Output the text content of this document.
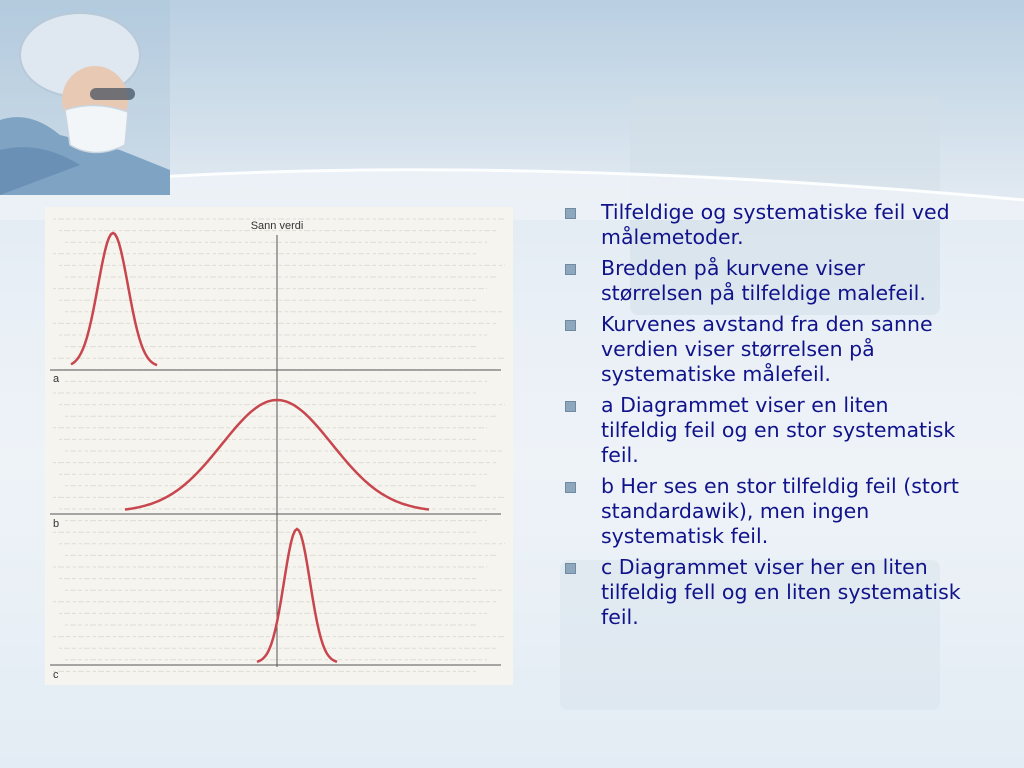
Sann verdi
a
b
c
Tilfeldige og systematiske feil ved målemetoder.
Bredden på kurvene viser størrelsen på tilfeldige malefeil.
Kurvenes avstand fra den sanne verdien viser størrelsen på systematiske målefeil.
a Diagrammet viser en liten tilfeldig feil og en stor systematisk feil.
b Her ses en stor tilfeldig feil (stort standardawik), men ingen systematisk feil.
c Diagrammet viser her en liten tilfeldig fell og en liten systematisk feil.
